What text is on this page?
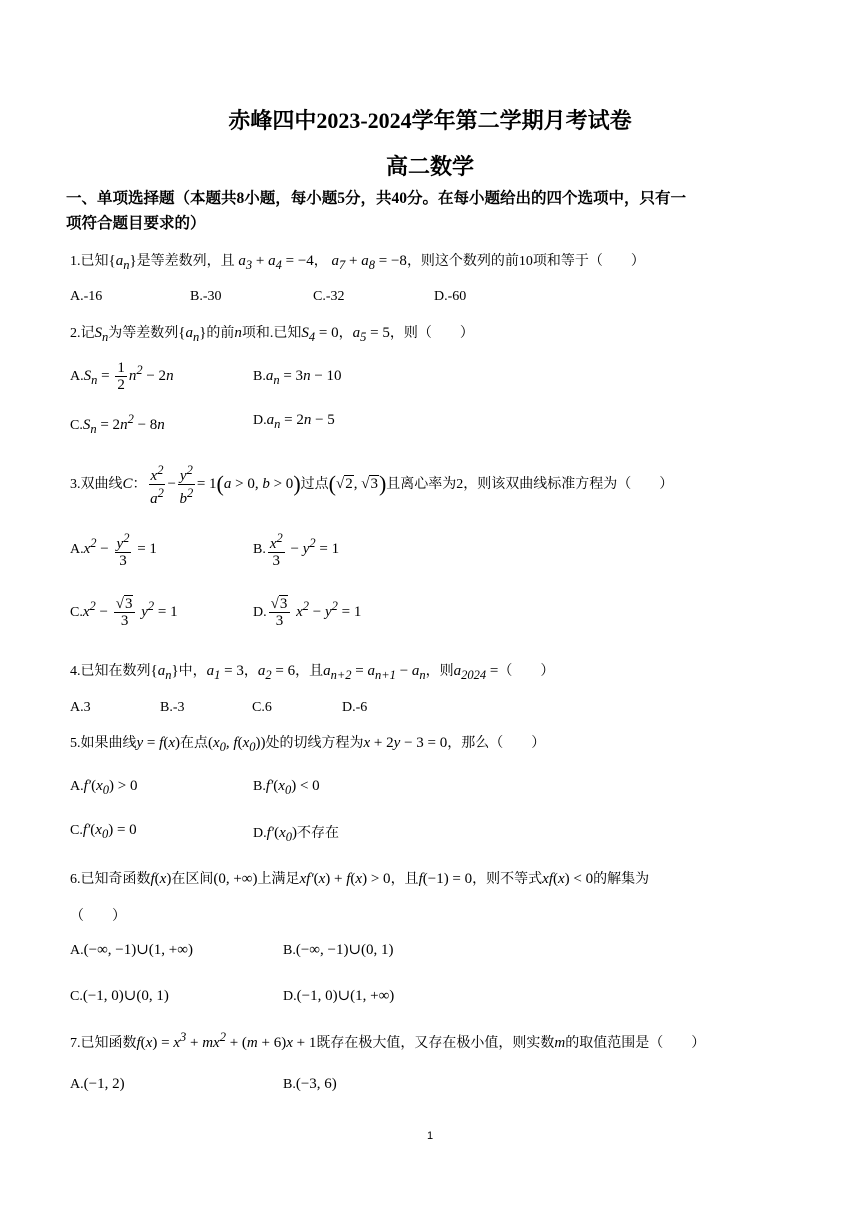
赤峰四中2023-2024学年第二学期月考试卷
高二数学
一、单项选择题（本题共8小题，每小题5分，共40分。在每小题给出的四个选项中，只有一
项符合题目要求的）
1.已知$\{a_n\}$是等差数列，且 $a_3 + a_4 = -4$， $a_7 + a_8 = -8$，则这个数列的前10项和等于（　　）
A.-16	B.-30	C.-32	D.-60
2.记$S_n$为等差数列$\{a_n\}$的前n项和.已知$S_4 = 0$，$a_5 = 5$，则（　　）
$A.S_n = \frac{1}{2} n^2 - 2n$	$B.a_n = 3n - 10$
$C.S_n = 2n^2 - 8n$	$D.a_n = 2n - 5$
3.双曲线C： $\frac{x^2}{a^2} - \frac{y^2}{b^2} = 1(a > 0$, b > 0)过点(√2, √3)且离心率为2，则该双曲线标准方程为（　　）
$A.x^2 - \frac{y^2}{3} = 1$	B. $\frac{x^2}{3} - y^2 = 1$
$C.x^2 - \frac{√3}{3} y^2 = 1$	D. $\frac{√3}{3} x^2 - y^2 = 1$
4.已知在数列$\{a_n\}$中，$a_1 = 3$，$a_2 = 6$，且$a_{n+2} = a_{n+1} - a_n$，则$a_{2024}$ =（　　）
A.3	B.-3	C.6	D.-6
5.如果曲线y = f(x)在点($x_0$, $f(x_0)$)处的切线方程为x + 2y − 3 = 0，那么（　　）
$A.f'(x_0) > 0$	$B.f'(x_0) < 0$
$C.f'(x_0) = 0$	$D.f'(x_0)$不存在
6.已知奇函数f(x)在区间(0, +∞)上满足xf′(x) + f(x) > 0，且f(−1) = 0，则不等式xf(x) < 0的解集为
（　　）
A.(−∞, −1)∪(1, +∞)	B.(−∞, −1)∪(0, 1)
C.(−1, 0)∪(0, 1)	D.(−1, 0)∪(1, +∞)
7.已知函数$f(x) = x^3 + mx^2 + (m + 6)x + 1$既存在极大值，又存在极小值，则实数m的取值范围是（　　）
A.(−1, 2)	B.(−3, 6)
1
